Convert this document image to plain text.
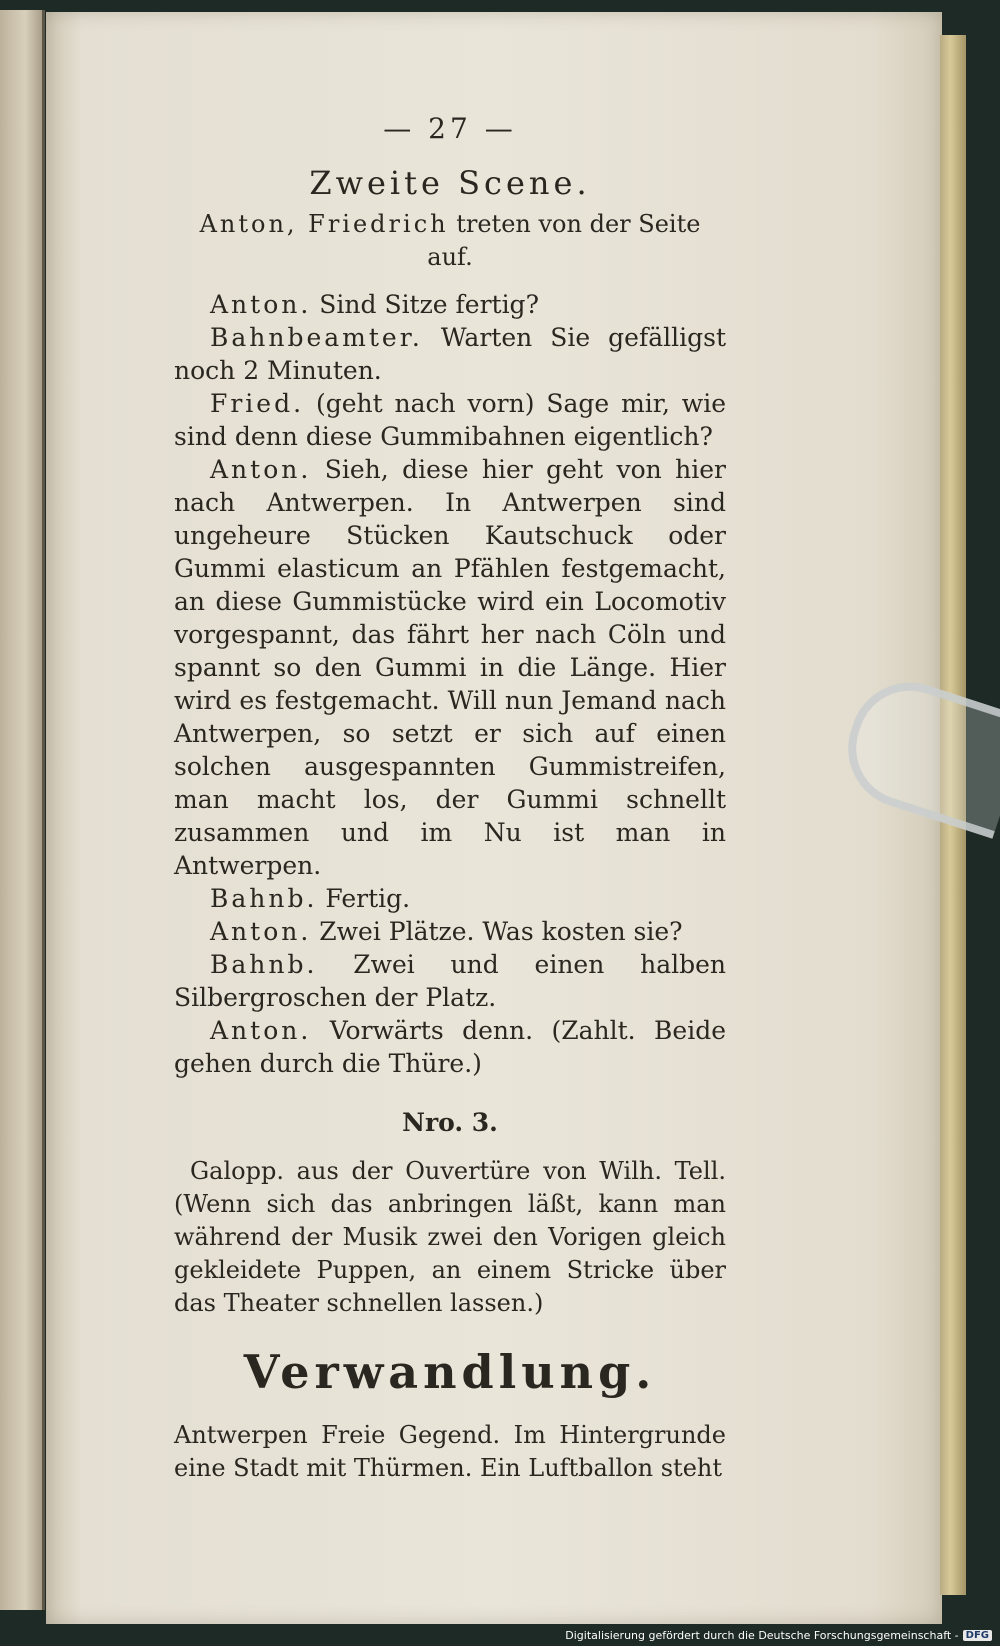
— 27 —
Zweite Scene.
Anton, Friedrich treten von der Seite auf.

Anton. Sind Sitze fertig?

Bahnbeamter. Warten Sie gefälligst noch 2 Minuten.

Fried. (geht nach vorn) Sage mir, wie sind denn diese Gummibahnen eigentlich?

Anton. Sieh, diese hier geht von hier nach Antwerpen. In Antwerpen sind ungeheure Stücken Kautschuck oder Gummi elasticum an Pfählen festgemacht, an diese Gummistücke wird ein Locomotiv vorgespannt, das fährt her nach Cöln und spannt so den Gummi in die Länge. Hier wird es festgemacht. Will nun Jemand nach Antwerpen, so setzt er sich auf einen solchen ausgespannten Gummistreifen, man macht los, der Gummi schnellt zusammen und im Nu ist man in Antwerpen.

Bahnb. Fertig.

Anton. Zwei Plätze. Was kosten sie?

Bahnb. Zwei und einen halben Silbergroschen der Platz.

Anton. Vorwärts denn. (Zahlt. Beide gehen durch die Thüre.)

Nro. 3.

Galopp. aus der Ouvertüre von Wilh. Tell. (Wenn sich das anbringen läßt, kann man während der Musik zwei den Vorigen gleich gekleidete Puppen, an einem Stricke über das Theater schnellen lassen.)

Verwandlung.

Antwerpen Freie Gegend. Im Hintergrunde eine Stadt mit Thürmen. Ein Luftballon steht

Digitalisierung gefördert durch die Deutsche Forschungsgemeinschaft - DFG
